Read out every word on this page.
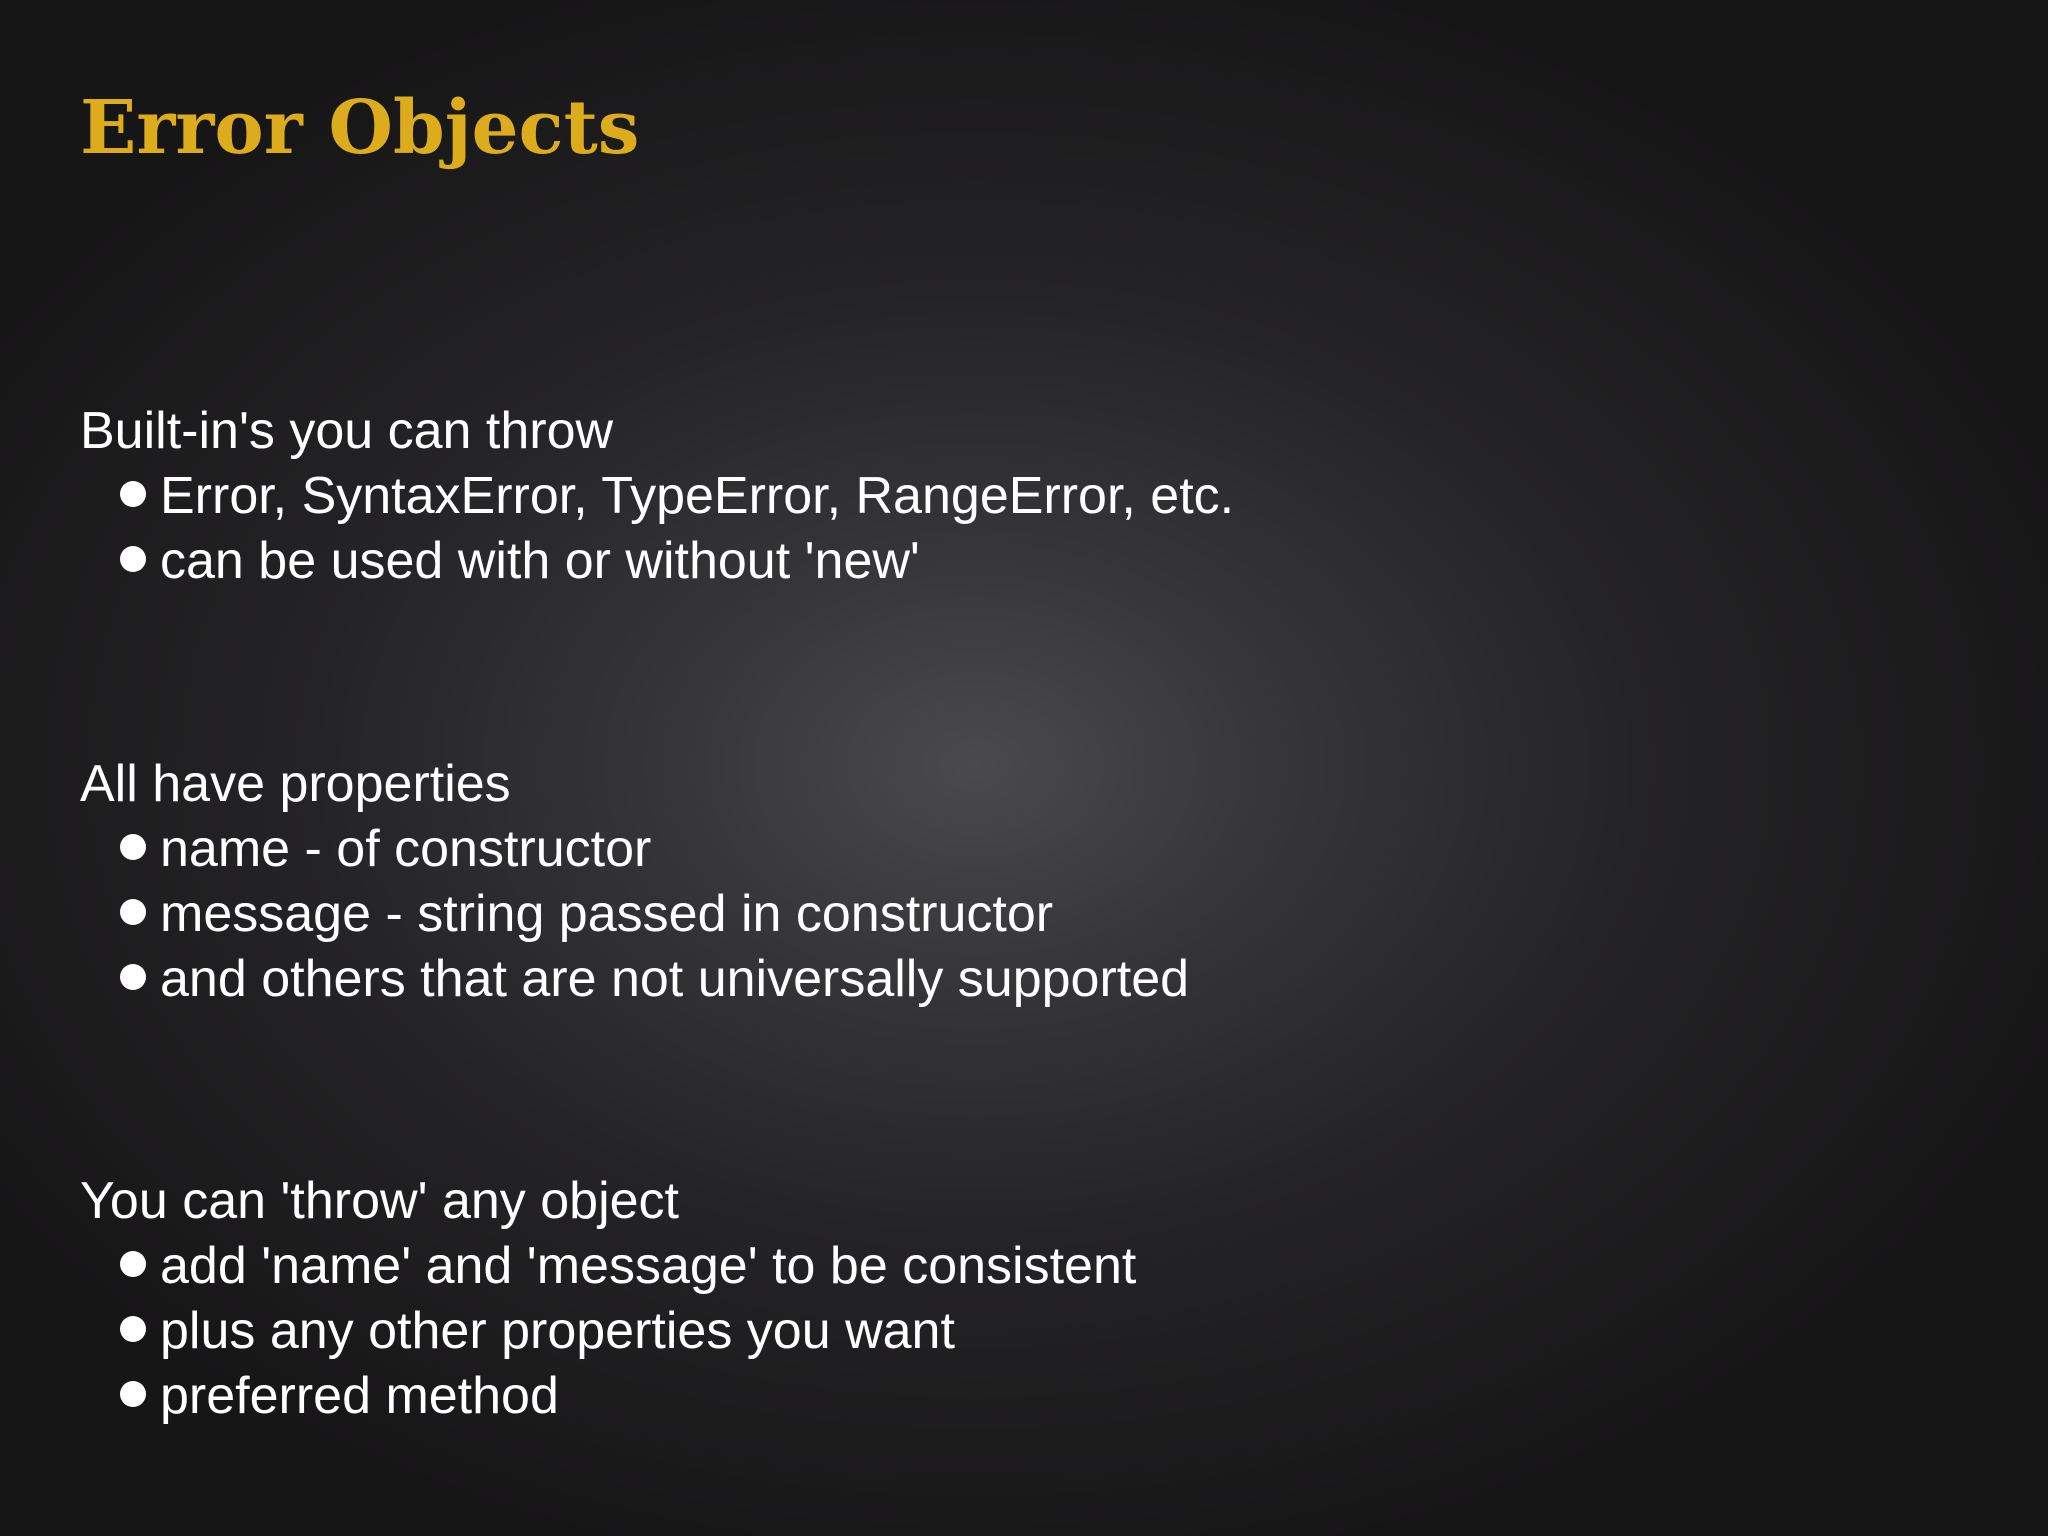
Error Objects

Built-in's you can throw

Error, SyntaxError, TypeError, RangeError, etc.
can be used with or without 'new'

All have properties

name - of constructor
message - string passed in constructor
and others that are not universally supported

You can 'throw' any object

add 'name' and 'message' to be consistent
plus any other properties you want
preferred method
